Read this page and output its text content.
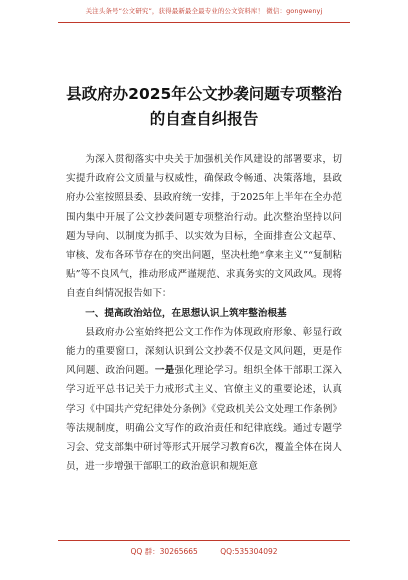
关注头条号“公文研究”，获得最新最全最专业的公文资料库！ 微信：gongwenyj
县政府办2025年公文抄袭问题专项整治
的自查自纠报告

为深入贯彻落实中央关于加强机关作风建设的部署要求，切实提升政府公文质量与权威性，确保政令畅通、决策落地，县政府办公室按照县委、县政府统一安排，于2025年上半年在全办范围内集中开展了公文抄袭问题专项整治行动。此次整治坚持以问题为导向、以制度为抓手、以实效为目标，全面排查公文起草、审核、发布各环节存在的突出问题，坚决杜绝“拿来主义”“复制粘贴”等不良风气，推动形成严谨规范、求真务实的文风政风。现将自查自纠情况报告如下：

一、提高政治站位，在思想认识上筑牢整治根基

县政府办公室始终把公文工作作为体现政府形象、彰显行政能力的重要窗口，深刻认识到公文抄袭不仅是文风问题，更是作风问题、政治问题。一是强化理论学习。组织全体干部职工深入学习近平总书记关于力戒形式主义、官僚主义的重要论述，认真学习《中国共产党纪律处分条例》《党政机关公文处理工作条例》等法规制度，明确公文写作的政治责任和纪律底线。通过专题学习会、党支部集中研讨等形式开展学习教育6次，覆盖全体在岗人员，进一步增强干部职工的政治意识和规矩意

QQ 群：30265665	QQ:535304092
